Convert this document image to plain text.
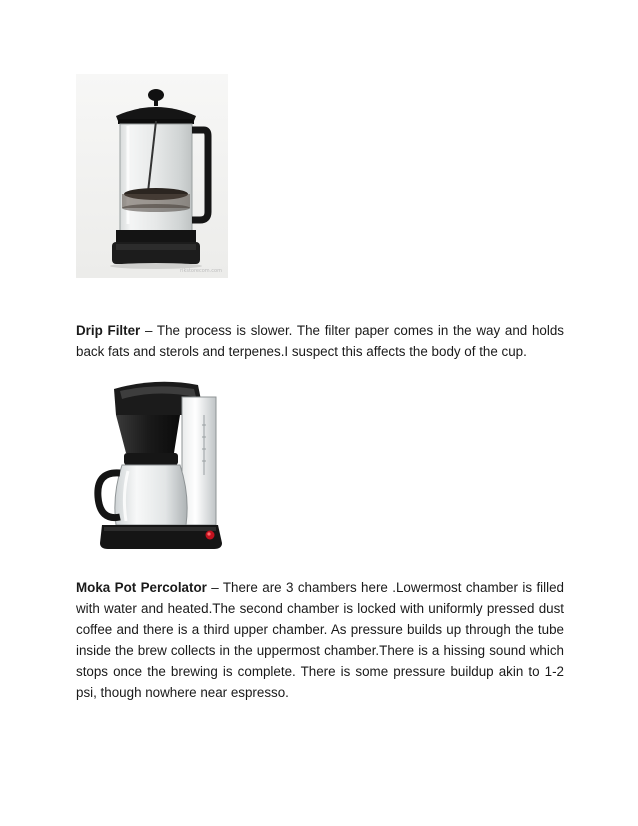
rikstorecom.com

Drip Filter – The process is slower. The filter paper comes in the way and holds back fats and sterols and terpenes.I suspect this affects the body of the cup.

Moka Pot Percolator – There are 3 chambers here .Lowermost chamber is filled with water and heated.The second chamber is locked with uniformly pressed dust coffee and there is a third upper chamber. As pressure builds up through the tube inside the brew collects in the uppermost chamber.There is a hissing sound which stops once the brewing is complete. There is some pressure buildup akin to 1-2 psi, though nowhere near espresso.
